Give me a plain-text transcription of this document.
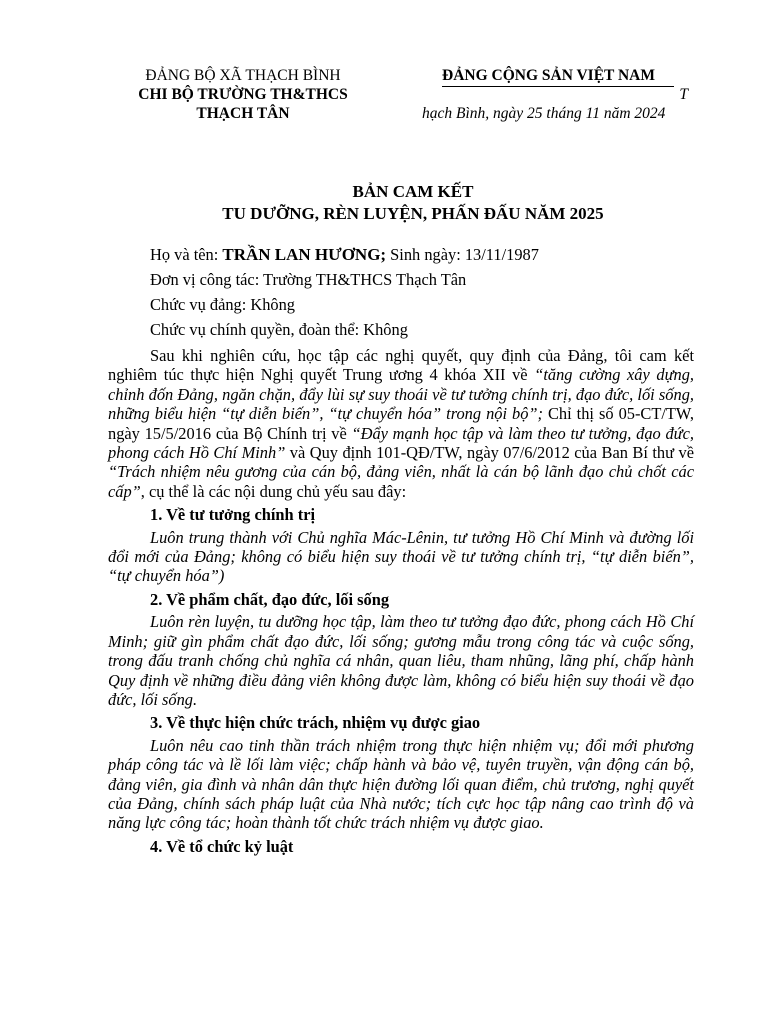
ĐẢNG BỘ XÃ THẠCH BÌNH
CHI BỘ TRƯỜNG TH&THCS
THẠCH TÂN
ĐẢNG CỘNG SẢN VIỆT NAM
T
hạch Bình, ngày 25 tháng 11 năm 2024
BẢN CAM KẾT
TU DƯỠNG, RÈN LUYỆN, PHẤN ĐẤU NĂM 2025
Họ và tên: TRẦN LAN HƯƠNG; Sinh ngày: 13/11/1987
Đơn vị công tác: Trường TH&THCS Thạch Tân
Chức vụ đảng: Không
Chức vụ chính quyền, đoàn thể: Không

Sau khi nghiên cứu, học tập các nghị quyết, quy định của Đảng, tôi cam kết nghiêm túc thực hiện Nghị quyết Trung ương 4 khóa XII về “tăng cường xây dựng, chỉnh đốn Đảng, ngăn chặn, đẩy lùi sự suy thoái về tư tưởng chính trị, đạo đức, lối sống, những biểu hiện “tự diễn biến”, “tự chuyển hóa” trong nội bộ”; Chỉ thị số 05-CT/TW, ngày 15/5/2016 của Bộ Chính trị về “Đẩy mạnh học tập và làm theo tư tưởng, đạo đức, phong cách Hồ Chí Minh” và Quy định 101-QĐ/TW, ngày 07/6/2012 của Ban Bí thư về “Trách nhiệm nêu gương của cán bộ, đảng viên, nhất là cán bộ lãnh đạo chủ chốt các cấp”, cụ thể là các nội dung chủ yếu sau đây:

1. Về tư tưởng chính trị

Luôn trung thành với Chủ nghĩa Mác-Lênin, tư tưởng Hồ Chí Minh và đường lối đổi mới của Đảng; không có biểu hiện suy thoái về tư tưởng chính trị, “tự diễn biến”, “tự chuyển hóa”)

2. Về phẩm chất, đạo đức, lối sống

Luôn rèn luyện, tu dưỡng học tập, làm theo tư tưởng đạo đức, phong cách Hồ Chí Minh; giữ gìn phẩm chất đạo đức, lối sống; gương mẫu trong công tác và cuộc sống, trong đấu tranh chống chủ nghĩa cá nhân, quan liêu, tham nhũng, lãng phí, chấp hành Quy định về những điều đảng viên không được làm, không có biểu hiện suy thoái về đạo đức, lối sống.

3. Về thực hiện chức trách, nhiệm vụ được giao

Luôn nêu cao tinh thần trách nhiệm trong thực hiện nhiệm vụ; đổi mới phương pháp công tác và lề lối làm việc; chấp hành và bảo vệ, tuyên truyền, vận động cán bộ, đảng viên, gia đình và nhân dân thực hiện đường lối quan điểm, chủ trương, nghị quyết của Đảng, chính sách pháp luật của Nhà nước; tích cực học tập nâng cao trình độ và năng lực công tác; hoàn thành tốt chức trách nhiệm vụ được giao.

4. Về tổ chức kỷ luật
